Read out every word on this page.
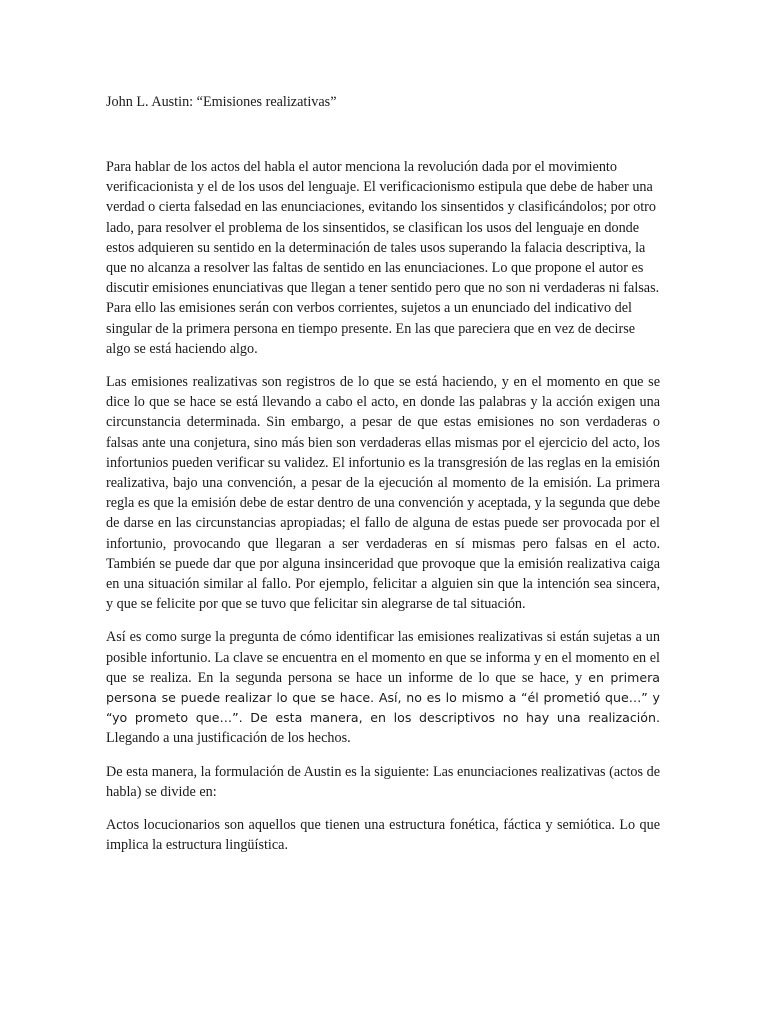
John L. Austin: “Emisiones realizativas”

Para hablar de los actos del habla el autor menciona la revolución dada por el movimiento verificacionista y el de los usos del lenguaje. El verificacionismo estipula que debe de haber una verdad o cierta falsedad en las enunciaciones, evitando los sinsentidos y clasificándolos; por otro lado, para resolver el problema de los sinsentidos, se clasifican los usos del lenguaje en donde estos adquieren su sentido en la determinación de tales usos superando la falacia descriptiva, la que no alcanza a resolver las faltas de sentido en las enunciaciones. Lo que propone el autor es discutir emisiones enunciativas que llegan a tener sentido pero que no son ni verdaderas ni falsas. Para ello las emisiones serán con verbos corrientes, sujetos a un enunciado del indicativo del singular de la primera persona en tiempo presente. En las que pareciera que en vez de decirse algo se está haciendo algo.

Las emisiones realizativas son registros de lo que se está haciendo, y en el momento en que se dice lo que se hace se está llevando a cabo el acto, en donde las palabras y la acción exigen una circunstancia determinada. Sin embargo, a pesar de que estas emisiones no son verdaderas o falsas ante una conjetura, sino más bien son verdaderas ellas mismas por el ejercicio del acto, los infortunios pueden verificar su validez. El infortunio es la transgresión de las reglas en la emisión realizativa, bajo una convención, a pesar de la ejecución al momento de la emisión. La primera regla es que la emisión debe de estar dentro de una convención y aceptada, y la segunda que debe de darse en las circunstancias apropiadas; el fallo de alguna de estas puede ser provocada por el infortunio, provocando que llegaran a ser verdaderas en sí mismas pero falsas en el acto. También se puede dar que por alguna insinceridad que provoque que la emisión realizativa caiga en una situación similar al fallo. Por ejemplo, felicitar a alguien sin que la intención sea sincera, y que se felicite por que se tuvo que felicitar sin alegrarse de tal situación.

Así es como surge la pregunta de cómo identificar las emisiones realizativas si están sujetas a un posible infortunio. La clave se encuentra en el momento en que se informa y en el momento en el que se realiza. En la segunda persona se hace un informe de lo que se hace, y en primera persona se puede realizar lo que se hace. Así, no es lo mismo a “él prometió que…” y “yo prometo que…”. De esta manera, en los descriptivos no hay una realización. Llegando a una justificación de los hechos.

De esta manera, la formulación de Austin es la siguiente: Las enunciaciones realizativas (actos de habla) se divide en:

Actos locucionarios son aquellos que tienen una estructura fonética, fáctica y semiótica. Lo que implica la estructura lingüística.
